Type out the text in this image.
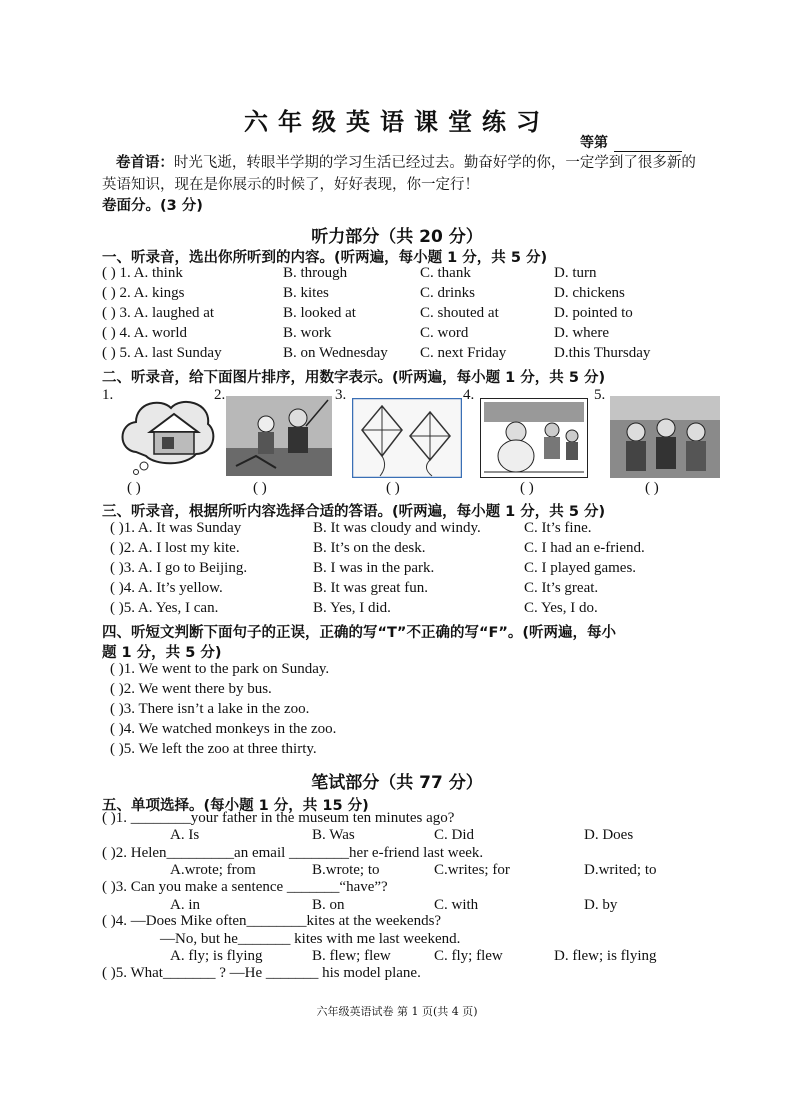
六年级英语课堂练习
等第
卷首语：时光飞逝，转眼半学期的学习生活已经过去。勤奋好学的你，一定学到了很多新的英语知识，现在是你展示的时候了，好好表现，你一定行！
卷面分。(3 分)
听力部分（共 20 分）
一、听录音，选出你所听到的内容。(听两遍，每小题 1 分，共 5 分)
( ) 1. A. think	B. through	C. thank	D. turn
( ) 2. A. kings	B. kites	C. drinks	D. chickens
( ) 3. A. laughed at	B. looked at	C. shouted at	D. pointed to
( ) 4. A. world	B. work	C. word	D. where
( ) 5. A. last Sunday	B. on Wednesday C. next Friday	D.this Thursday
二、听录音，给下面图片排序，用数字表示。(听两遍，每小题 1 分，共 5 分)
1.	2.	3.	4.	5.
( )	( )	( )	( )	( )
三、听录音，根据所听内容选择合适的答语。(听两遍，每小题 1 分，共 5 分)
( )1. A. It was Sunday	B. It was cloudy and windy.	C. It’s fine.
( )2. A. I lost my kite.	B. It’s on the desk.	C. I had an e-friend.
( )3. A. I go to Beijing.	B. I was in the park.	C. I played games.
( )4. A. It’s yellow.	B. It was great fun.	C. It’s great.
( )5. A. Yes, I can.	B. Yes, I did.	C. Yes, I do.
四、听短文判断下面句子的正误，正确的写“T”不正确的写“F”。(听两遍，每小
题 1 分，共 5 分)
( )1. We went to the park on Sunday.
( )2. We went there by bus.
( )3. There isn’t a lake in the zoo.
( )4. We watched monkeys in the zoo.
( )5. We left the zoo at three thirty.
笔试部分（共 77 分）
五、单项选择。(每小题 1 分，共 15 分)
( )1. ________your father in the museum ten minutes ago?
A. Is	B. Was	C. Did	D. Does
( )2. Helen_________an email ________her e-friend last week.
A.wrote; from	B.wrote; to	C.writes; for	D.writed; to
( )3. Can you make a sentence _______“have”?
A. in	B. on	C. with	D. by
( )4. —Does Mike often________kites at the weekends?
—No, but he_______ kites with me last weekend.
A. fly; is flying	B. flew; flew	C. fly; flew	D. flew; is flying
( )5. What_______ ? —He _______ his model plane.
六年级英语试卷 第 1 页(共 4 页)
